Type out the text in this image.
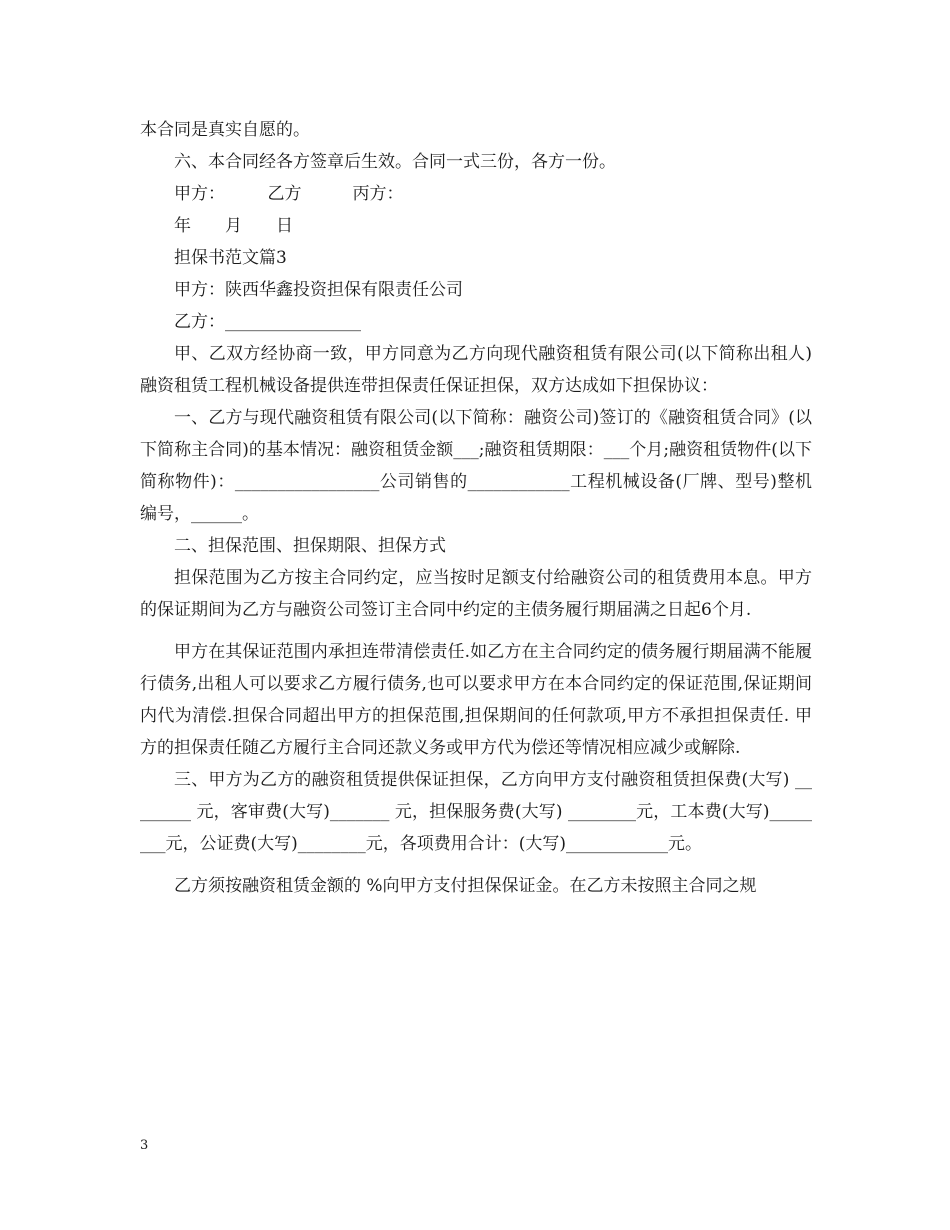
本合同是真实自愿的。

六、本合同经各方签章后生效。合同一式三份，各方一份。

甲方：　　　乙方　　　丙方：

年　　月　　日

担保书范文篇3

甲方：陕西华鑫投资担保有限责任公司

乙方：________________

甲、乙双方经协商一致，甲方同意为乙方向现代融资租赁有限公司(以下简称出租人)融资租赁工程机械设备提供连带担保责任保证担保，双方达成如下担保协议：

一、乙方与现代融资租赁有限公司(以下简称：融资公司)签订的《融资租赁合同》(以下简称主合同)的基本情况：融资租赁金额___;融资租赁期限：___个月;融资租赁物件(以下简称物件)：_________________公司销售的____________工程机械设备(厂牌、型号)整机编号，______。

二、担保范围、担保期限、担保方式

担保范围为乙方按主合同约定，应当按时足额支付给融资公司的租赁费用本息。甲方的保证期间为乙方与融资公司签订主合同中约定的主债务履行期届满之日起6个月.

甲方在其保证范围内承担连带清偿责任.如乙方在主合同约定的债务履行期届满不能履行债务,出租人可以要求乙方履行债务,也可以要求甲方在本合同约定的保证范围,保证期间内代为清偿.担保合同超出甲方的担保范围,担保期间的任何款项,甲方不承担担保责任. 甲方的担保责任随乙方履行主合同还款义务或甲方代为偿还等情况相应减少或解除.

三、甲方为乙方的融资租赁提供保证担保，乙方向甲方支付融资租赁担保费(大写) ________ 元，客审费(大写)_______ 元，担保服务费(大写) ________元，工本费(大写)________元，公证费(大写)________元，各项费用合计：(大写)____________元。

乙方须按融资租赁金额的 %向甲方支付担保保证金。在乙方未按照主合同之规

3
